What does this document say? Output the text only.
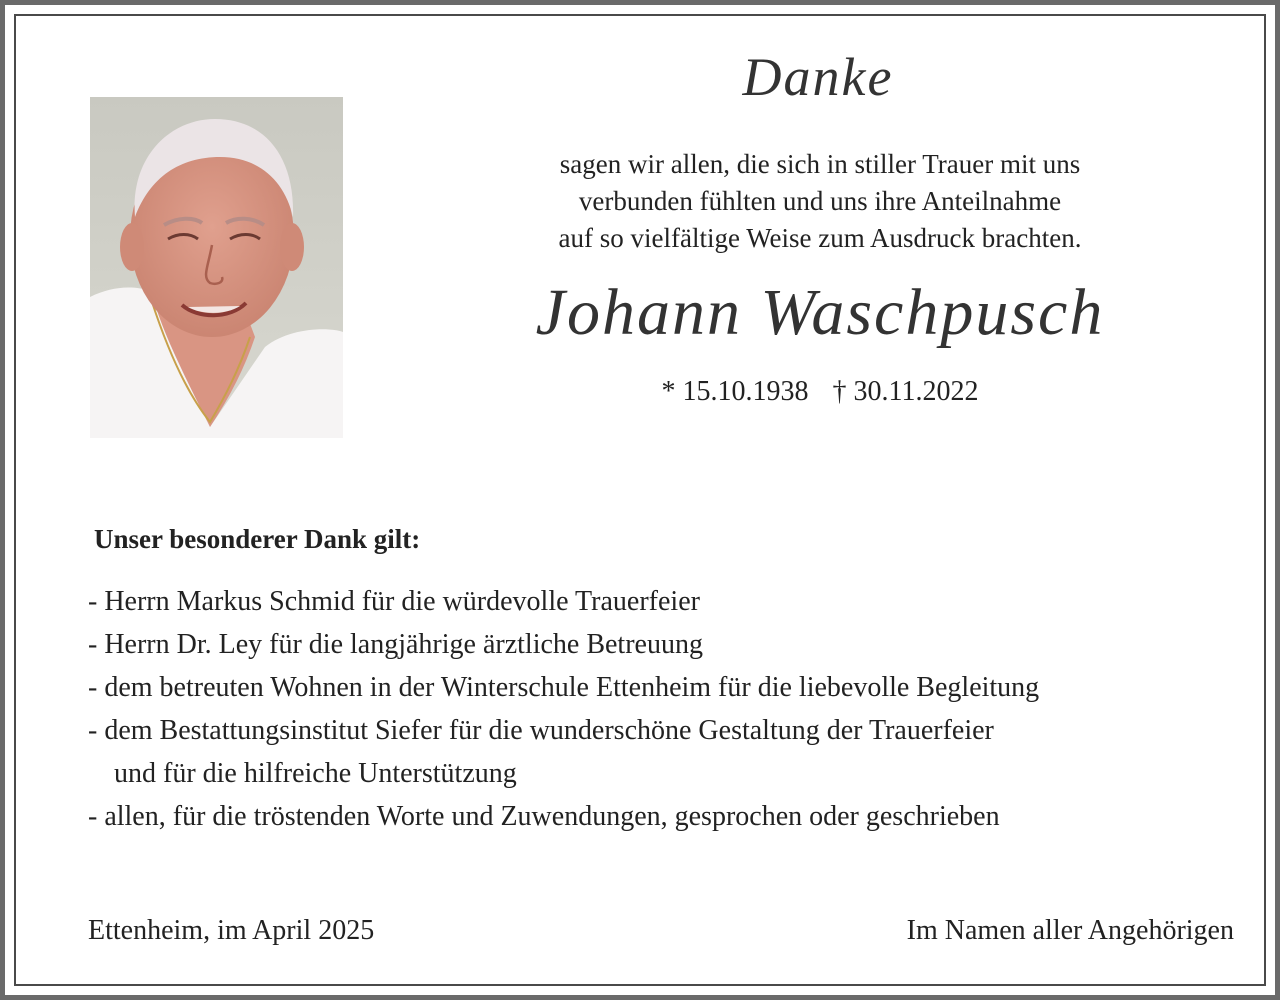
Danke
sagen wir allen, die sich in stiller Trauer mit uns
verbunden fühlten und uns ihre Anteilnahme
auf so vielfältige Weise zum Ausdruck brachten.
Johann Waschpusch
* 15.10.1938 † 30.11.2022
Unser besonderer Dank gilt:
- Herrn Markus Schmid für die würdevolle Trauerfeier
- Herrn Dr. Ley für die langjährige ärztliche Betreuung
- dem betreuten Wohnen in der Winterschule Ettenheim für die liebevolle Begleitung
- dem Bestattungsinstitut Siefer für die wunderschöne Gestaltung der Trauerfeier
und für die hilfreiche Unterstützung
- allen, für die tröstenden Worte und Zuwendungen, gesprochen oder geschrieben
Ettenheim, im April 2025	Im Namen aller Angehörigen
